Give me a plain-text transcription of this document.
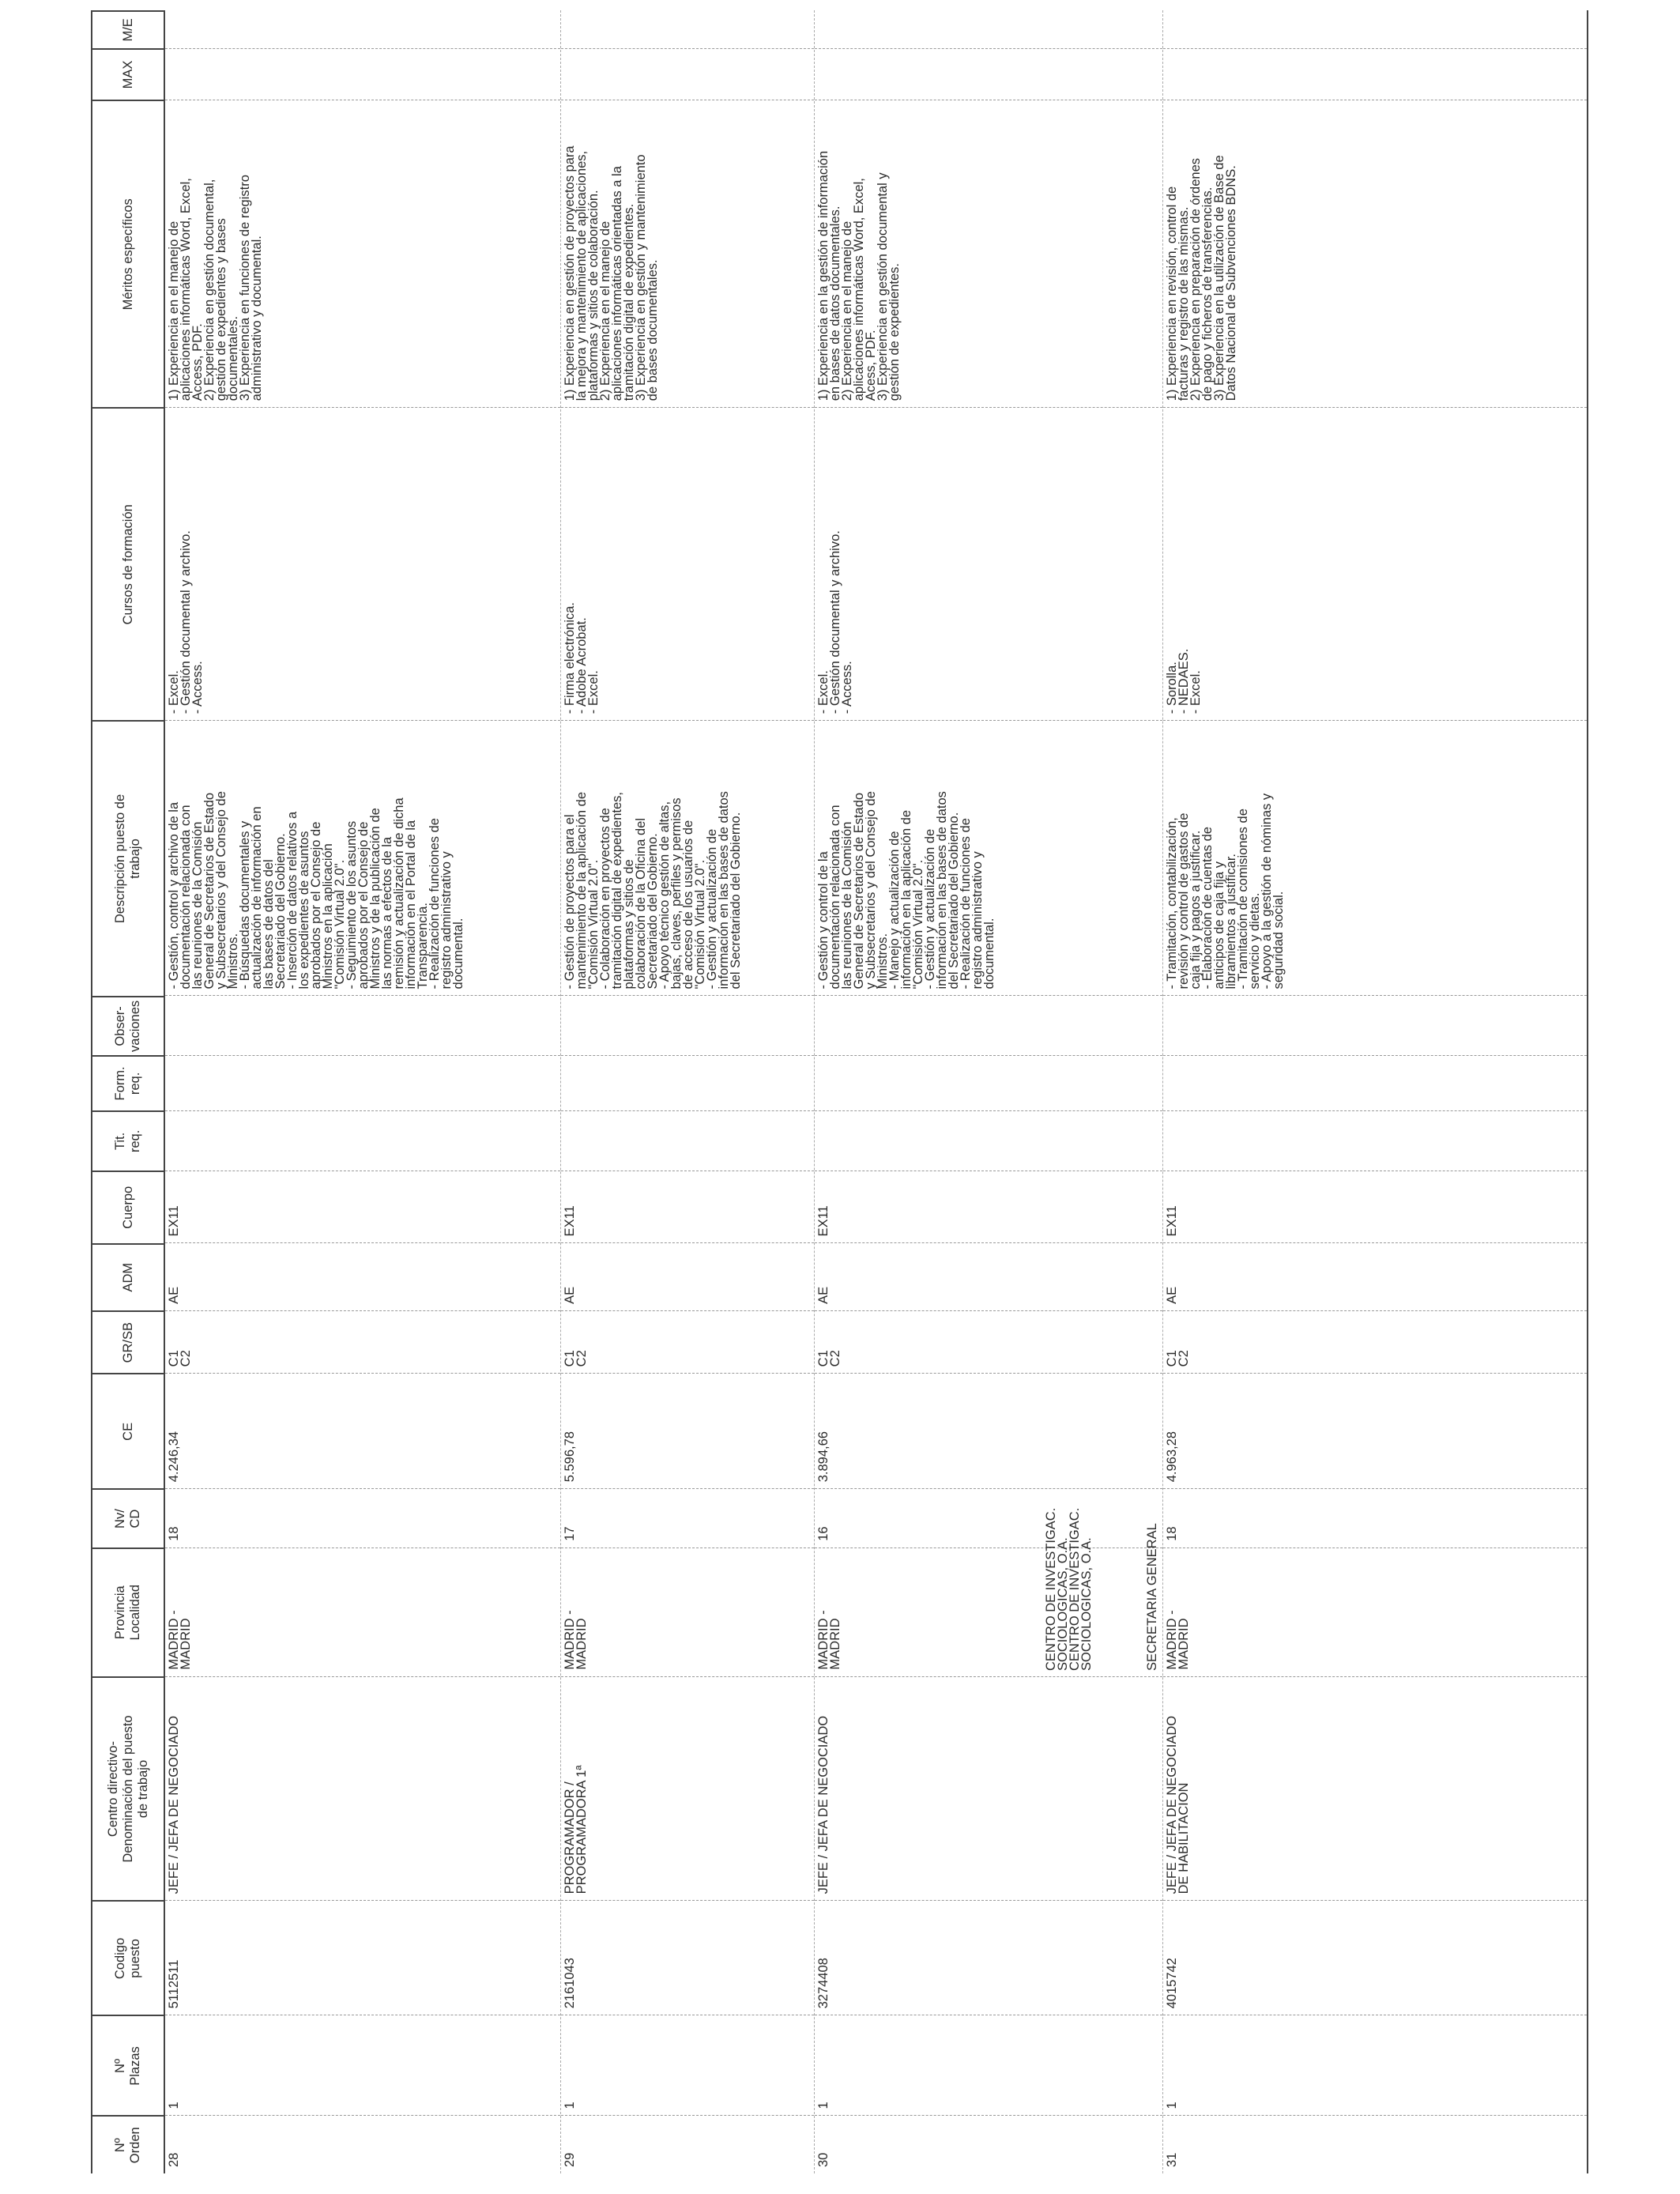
Nº
Orden
Nº
Plazas
Codigo
puesto
Centro directivo-
Denominación del puesto
de trabajo
Provincia
Localidad
Nv/
CD
CE
GR/SB
ADM
Cuerpo
Tit.
req.
Form.
req.
Obser-
vaciones
Descripción puesto de
trabajo
Cursos de formación
Méritos específicos
MAX
M/E
28
1
5112511
JEFE / JEFA DE NEGOCIADO
MADRID -
MADRID
18
4.246,34
C1
C2
AE
EX11
- Gestión, control y archivo de la
documentación relacionada con
las reuniones de la Comisión
General de Secretarios de Estado
y Subsecretarios y del Consejo de
Ministros.
- Búsquedas documentales y
actualización de información en
las bases de datos del
Secretariado del Gobierno.
- Inserción de datos relativos a
los expedientes de asuntos
aprobados por el Consejo de
Ministros en la aplicación
"Comisión Virtual 2.0".
- Seguimiento de los asuntos
aprobados por el Consejo de
Ministros y de la publicación de
las normas a efectos de la
remisión y actualización de dicha
información en el Portal de la
Transparencia.
- Realización de funciones de
registro administrativo y
documental.
- Excel.
- Gestión documental y archivo.
- Access.
1) Experiencia en el manejo de
aplicaciones informáticas Word, Excel,
Access, PDF.
2) Experiencia en gestión documental,
gestión de expedientes y bases
documentales.
3) Experiencia en funciones de registro
administrativo y documental.
29
1
2161043
PROGRAMADOR /
PROGRAMADORA 1ª
MADRID -
MADRID
17
5.596,78
C1
C2
AE
EX11
- Gestión de proyectos para el
mantenimiento de la aplicación de
"Comisión Virtual 2.0".
- Colaboración en proyectos de
tramitación digital de expedientes,
plataformas y sitios de
colaboración de la Oficina del
Secretariado del Gobierno.
- Apoyo técnico gestión de altas,
bajas, claves, perfiles y permisos
de acceso de los usuarios de
"Comisión Virtual 2.0".
- Gestión y actualización de
información en las bases de datos
del Secretariado del Gobierno.
- Firma electrónica.
- Adobe Acrobat.
- Excel.
1) Experiencia en gestión de proyectos para
la mejora y mantenimiento de aplicaciones,
plataformas y sitios de colaboración.
2) Experiencia en el manejo de
aplicaciones informáticas orientadas a la
tramitación digital de expedientes.
3) Experiencia en gestión y mantenimiento
de bases documentales.
30
1
3274408
JEFE / JEFA DE NEGOCIADO
MADRID -
MADRID
16
3.894,66
C1
C2
AE
EX11
- Gestión y control de la
documentación relacionada con
las reuniones de la Comisión
General de Secretarios de Estado
y Subsecretarios y del Consejo de
Ministros.
- Manejo y actualización de
información en la aplicación de
"Comisión Virtual 2.0".
- Gestión y actualización de
información en las bases de datos
del Secretariado del Gobierno.
- Realización de funciones de
registro administrativo y
documental.
- Excel.
- Gestión documental y archivo.
- Access.
1) Experiencia en la gestión de información
en bases de datos documentales.
2) Experiencia en el manejo de
aplicaciones informáticas Word, Excel,
Acess, PDF.
3) Experiencia en gestión documental y
gestión de expedientes.
CENTRO DE INVESTIGAC.
SOCIOLOGICAS, O.A.
CENTRO DE INVESTIGAC.
SOCIOLOGICAS, O.A.	SECRETARIA GENERAL
31
1
4015742
JEFE / JEFA DE NEGOCIADO
DE HABILITACION
MADRID -
MADRID
18
4.963,28
C1
C2
AE
EX11
- Tramitación, contabilización,
revisión y control de gastos de
caja fija y pagos a justificar.
- Elaboración de cuentas de
anticipos de caja fija y
libramientos a justificar.
- Tramitación de comisiones de
servicio y dietas.
- Apoyo a la gestión de nóminas y
seguridad social.
- Sorolla.
- NEDAES.
- Excel.
1) Experiencia en revisión, control de
facturas y registro de las mismas.
2) Experiencia en preparación de órdenes
de pago y ficheros de transferencias.
3) Experiencia en la utilización de Base de
Datos Nacional de Subvenciones BDNS.
